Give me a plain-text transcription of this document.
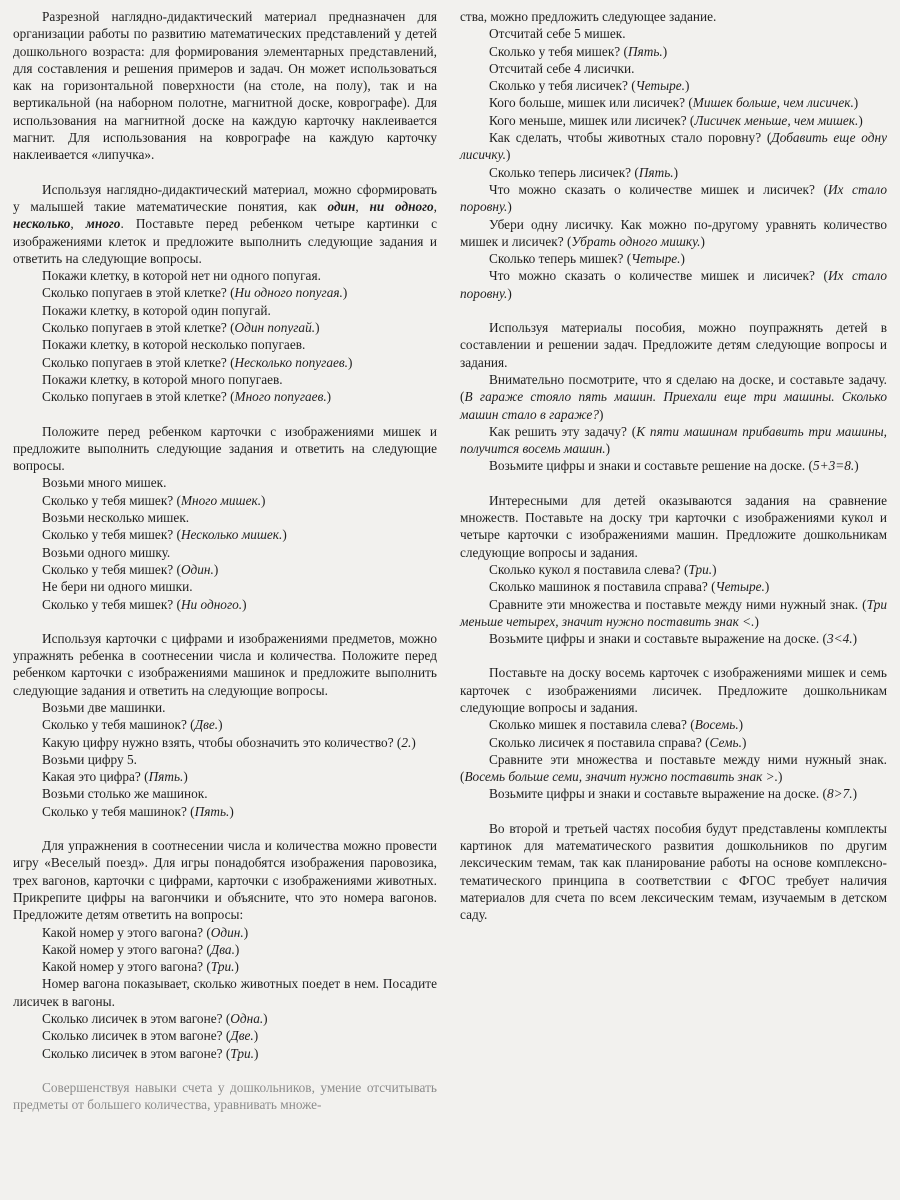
Разрезной наглядно-дидактический материал предназначен для организации работы по развитию математических представлений у детей дошкольного возраста: для формирования элементарных представлений, для составления и решения примеров и задач. Он может использоваться как на горизонтальной поверхности (на столе, на полу), так и на вертикальной (на наборном полотне, магнитной доске, коврографе). Для использования на магнитной доске на каждую карточку наклеивается магнит. Для использования на коврографе на каждую карточку наклеивается «липучка».

Используя наглядно-дидактический материал, можно сформировать у малышей такие математические понятия, как один, ни одного, несколько, много. Поставьте перед ребенком четыре картинки с изображениями клеток и предложите выполнить следующие задания и ответить на следующие вопросы.

Покажи клетку, в которой нет ни одного попугая.

Сколько попугаев в этой клетке? (Ни одного попугая.)

Покажи клетку, в которой один попугай.

Сколько попугаев в этой клетке? (Один попугай.)

Покажи клетку, в которой несколько попугаев.

Сколько попугаев в этой клетке? (Несколько попугаев.)

Покажи клетку, в которой много попугаев.

Сколько попугаев в этой клетке? (Много попугаев.)

Положите перед ребенком карточки с изображениями мишек и предложите выполнить следующие задания и ответить на следующие вопросы.

Возьми много мишек.

Сколько у тебя мишек? (Много мишек.)

Возьми несколько мишек.

Сколько у тебя мишек? (Несколько мишек.)

Возьми одного мишку.

Сколько у тебя мишек? (Один.)

Не бери ни одного мишки.

Сколько у тебя мишек? (Ни одного.)

Используя карточки с цифрами и изображениями предметов, можно упражнять ребенка в соотнесении числа и количества. Положите перед ребенком карточки с изображениями машинок и предложите выполнить следующие задания и ответить на следующие вопросы.

Возьми две машинки.

Сколько у тебя машинок? (Две.)

Какую цифру нужно взять, чтобы обозначить это количество? (2.)

Возьми цифру 5.

Какая это цифра? (Пять.)

Возьми столько же машинок.

Сколько у тебя машинок? (Пять.)

Для упражнения в соотнесении числа и количества можно провести игру «Веселый поезд». Для игры понадобятся изображения паровозика, трех вагонов, карточки с цифрами, карточки с изображениями животных. Прикрепите цифры на вагончики и объясните, что это номера вагонов. Предложите детям ответить на вопросы:

Какой номер у этого вагона? (Один.)

Какой номер у этого вагона? (Два.)

Какой номер у этого вагона? (Три.)

Номер вагона показывает, сколько животных поедет в нем. Посадите лисичек в вагоны.

Сколько лисичек в этом вагоне? (Одна.)

Сколько лисичек в этом вагоне? (Две.)

Сколько лисичек в этом вагоне? (Три.)

Совершенствуя навыки счета у дошкольников, умение отсчитывать предметы от большего количества, уравнивать множе-

ства, можно предложить следующее задание.

Отсчитай себе 5 мишек.

Сколько у тебя мишек? (Пять.)

Отсчитай себе 4 лисички.

Сколько у тебя лисичек? (Четыре.)

Кого больше, мишек или лисичек? (Мишек больше, чем лисичек.)

Кого меньше, мишек или лисичек? (Лисичек меньше, чем мишек.)

Как сделать, чтобы животных стало поровну? (Добавить еще одну лисичку.)

Сколько теперь лисичек? (Пять.)

Что можно сказать о количестве мишек и лисичек? (Их стало поровну.)

Убери одну лисичку. Как можно по-другому уравнять количество мишек и лисичек? (Убрать одного мишку.)

Сколько теперь мишек? (Четыре.)

Что можно сказать о количестве мишек и лисичек? (Их стало поровну.)

Используя материалы пособия, можно поупражнять детей в составлении и решении задач. Предложите детям следующие вопросы и задания.

Внимательно посмотрите, что я сделаю на доске, и составьте задачу. (В гараже стояло пять машин. Приехали еще три машины. Сколько машин стало в гараже?)

Как решить эту задачу? (К пяти машинам прибавить три машины, получится восемь машин.)

Возьмите цифры и знаки и составьте решение на доске. (5+3=8.)

Интересными для детей оказываются задания на сравнение множеств. Поставьте на доску три карточки с изображениями кукол и четыре карточки с изображениями машин. Предложите дошкольникам следующие вопросы и задания.

Сколько кукол я поставила слева? (Три.)

Сколько машинок я поставила справа? (Четыре.)

Сравните эти множества и поставьте между ними нужный знак. (Три меньше четырех, значит нужно поставить знак <.)

Возьмите цифры и знаки и составьте выражение на доске. (3<4.)

Поставьте на доску восемь карточек с изображениями мишек и семь карточек с изображениями лисичек. Предложите дошкольникам следующие вопросы и задания.

Сколько мишек я поставила слева? (Восемь.)

Сколько лисичек я поставила справа? (Семь.)

Сравните эти множества и поставьте между ними нужный знак. (Восемь больше семи, значит нужно поставить знак >.)

Возьмите цифры и знаки и составьте выражение на доске. (8>7.)

Во второй и третьей частях пособия будут представлены комплекты картинок для математического развития дошкольников по другим лексическим темам, так как планирование работы на основе комплексно-тематического принципа в соответствии с ФГОС требует наличия материалов для счета по всем лексическим темам, изучаемым в детском саду.
